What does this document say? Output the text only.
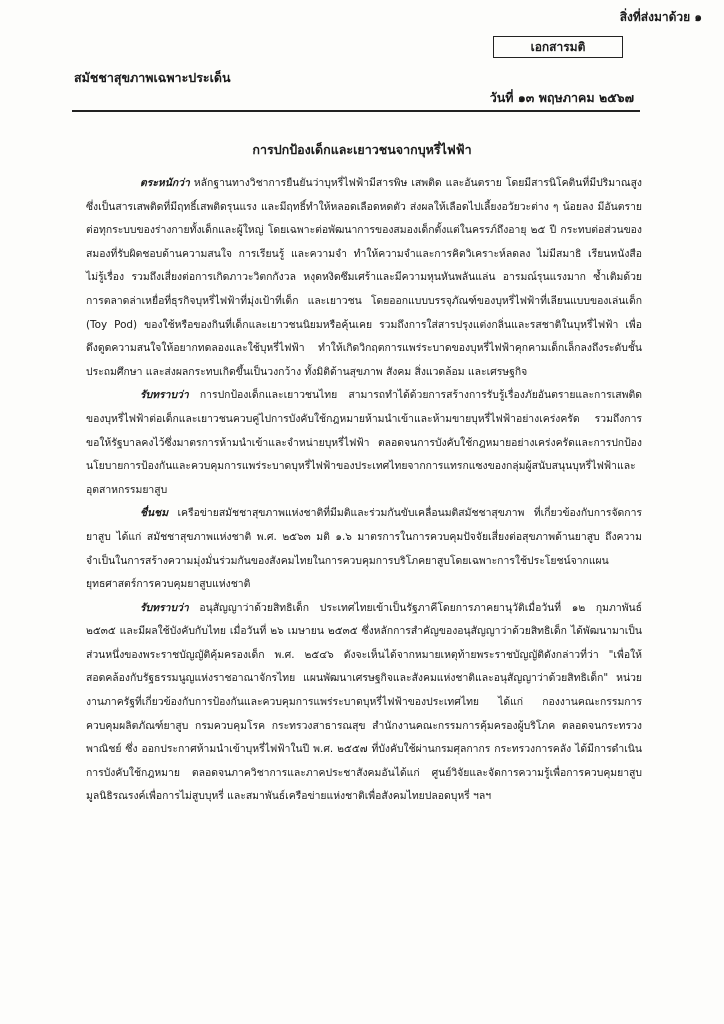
สิ่งที่ส่งมาด้วย ๑
เอกสารมติ
สมัชชาสุขภาพเฉพาะประเด็น
วันที่ ๑๓ พฤษภาคม ๒๕๖๗
การปกป้องเด็กและเยาวชนจากบุหรี่ไฟฟ้า

ตระหนักว่า หลักฐานทางวิชาการยืนยันว่าบุหรี่ไฟฟ้ามีสารพิษ เสพติด และอันตราย โดยมีสารนิโคตินที่มีปริมาณสูง ซึ่งเป็นสารเสพติดที่มีฤทธิ์เสพติดรุนแรง และมีฤทธิ์ทำให้หลอดเลือดหดตัว ส่งผลให้เลือดไปเลี้ยงอวัยวะต่าง ๆ น้อยลง มีอันตรายต่อทุกระบบของร่างกายทั้งเด็กและผู้ใหญ่ โดยเฉพาะต่อพัฒนาการของสมองเด็กตั้งแต่ในครรภ์ถึงอายุ ๒๕ ปี กระทบต่อส่วนของสมองที่รับผิดชอบด้านความสนใจ การเรียนรู้ และความจำ ทำให้ความจำและการคิดวิเคราะห์ลดลง ไม่มีสมาธิ เรียนหนังสือไม่รู้เรื่อง รวมถึงเสี่ยงต่อการเกิดภาวะวิตกกังวล หงุดหงิดซึมเศร้าและมีความหุนหันพลันแล่น อารมณ์รุนแรงมาก ซ้ำเติมด้วยการตลาดล่าเหยื่อที่ธุรกิจบุหรี่ไฟฟ้าที่มุ่งเป้าที่เด็ก และเยาวชน โดยออกแบบบรรจุภัณฑ์ของบุหรี่ไฟฟ้าที่เลียนแบบของเล่นเด็ก (Toy Pod) ของใช้หรือของกินที่เด็กและเยาวชนนิยมหรือคุ้นเคย รวมถึงการใส่สารปรุงแต่งกลิ่นและรสชาติในบุหรี่ไฟฟ้า เพื่อดึงดูดความสนใจให้อยากทดลองและใช้บุหรี่ไฟฟ้า ทำให้เกิดวิกฤตการแพร่ระบาดของบุหรี่ไฟฟ้าคุกคามเด็กเล็กลงถึงระดับชั้นประถมศึกษา และส่งผลกระทบเกิดขึ้นเป็นวงกว้าง ทั้งมิติด้านสุขภาพ สังคม สิ่งแวดล้อม และเศรษฐกิจ

รับทราบว่า การปกป้องเด็กและเยาวชนไทย สามารถทำได้ด้วยการสร้างการรับรู้เรื่องภัยอันตรายและการเสพติดของบุหรี่ไฟฟ้าต่อเด็กและเยาวชนควบคู่ไปการบังคับใช้กฎหมายห้ามนำเข้าและห้ามขายบุหรี่ไฟฟ้าอย่างเคร่งครัด รวมถึงการขอให้รัฐบาลคงไว้ซึ่งมาตรการห้ามนำเข้าและจำหน่ายบุหรี่ไฟฟ้า ตลอดจนการบังคับใช้กฎหมายอย่างเคร่งครัดและการปกป้องนโยบายการป้องกันและควบคุมการแพร่ระบาดบุหรี่ไฟฟ้าของประเทศไทยจากการแทรกแซงของกลุ่มผู้สนับสนุนบุหรี่ไฟฟ้าและอุตสาหกรรมยาสูบ

ชื่นชม เครือข่ายสมัชชาสุขภาพแห่งชาติที่มีมติและร่วมกันขับเคลื่อนมติสมัชชาสุขภาพ ที่เกี่ยวข้องกับการจัดการยาสูบ ได้แก่ สมัชชาสุขภาพแห่งชาติ พ.ศ. ๒๕๖๓ มติ ๑.๖ มาตรการในการควบคุมปัจจัยเสี่ยงต่อสุขภาพด้านยาสูบ ถึงความจำเป็นในการสร้างความมุ่งมั่นร่วมกันของสังคมไทยในการควบคุมการบริโภคยาสูบโดยเฉพาะการใช้ประโยชน์จากแผนยุทธศาสตร์การควบคุมยาสูบแห่งชาติ

รับทราบว่า อนุสัญญาว่าด้วยสิทธิเด็ก ประเทศไทยเข้าเป็นรัฐภาคีโดยการภาคยานุวัติเมื่อวันที่ ๑๒ กุมภาพันธ์ ๒๕๓๕ และมีผลใช้บังคับกับไทย เมื่อวันที่ ๒๖ เมษายน ๒๕๓๕ ซึ่งหลักการสำคัญของอนุสัญญาว่าด้วยสิทธิเด็ก ได้พัฒนามาเป็นส่วนหนึ่งของพระราชบัญญัติคุ้มครองเด็ก พ.ศ. ๒๕๔๖ ดังจะเห็นได้จากหมายเหตุท้ายพระราชบัญญัติดังกล่าวที่ว่า "เพื่อให้สอดคล้องกับรัฐธรรมนูญแห่งราชอาณาจักรไทย แผนพัฒนาเศรษฐกิจและสังคมแห่งชาติและอนุสัญญาว่าด้วยสิทธิเด็ก" หน่วยงานภาครัฐที่เกี่ยวข้องกับการป้องกันและควบคุมการแพร่ระบาดบุหรี่ไฟฟ้าของประเทศไทย ได้แก่ กองงานคณะกรรมการควบคุมผลิตภัณฑ์ยาสูบ กรมควบคุมโรค กระทรวงสาธารณสุข สำนักงานคณะกรรมการคุ้มครองผู้บริโภค ตลอดจนกระทรวงพาณิชย์ ซึ่ง ออกประกาศห้ามนำเข้าบุหรี่ไฟฟ้าในปี พ.ศ. ๒๕๕๗ ที่บังคับใช้ผ่านกรมศุลกากร กระทรวงการคลัง ได้มีการดำเนินการบังคับใช้กฎหมาย ตลอดจนภาควิชาการและภาคประชาสังคมอันได้แก่ ศูนย์วิจัยและจัดการความรู้เพื่อการควบคุมยาสูบ มูลนิธิรณรงค์เพื่อการไม่สูบบุหรี่ และสมาพันธ์เครือข่ายแห่งชาติเพื่อสังคมไทยปลอดบุหรี่ ฯลฯ
